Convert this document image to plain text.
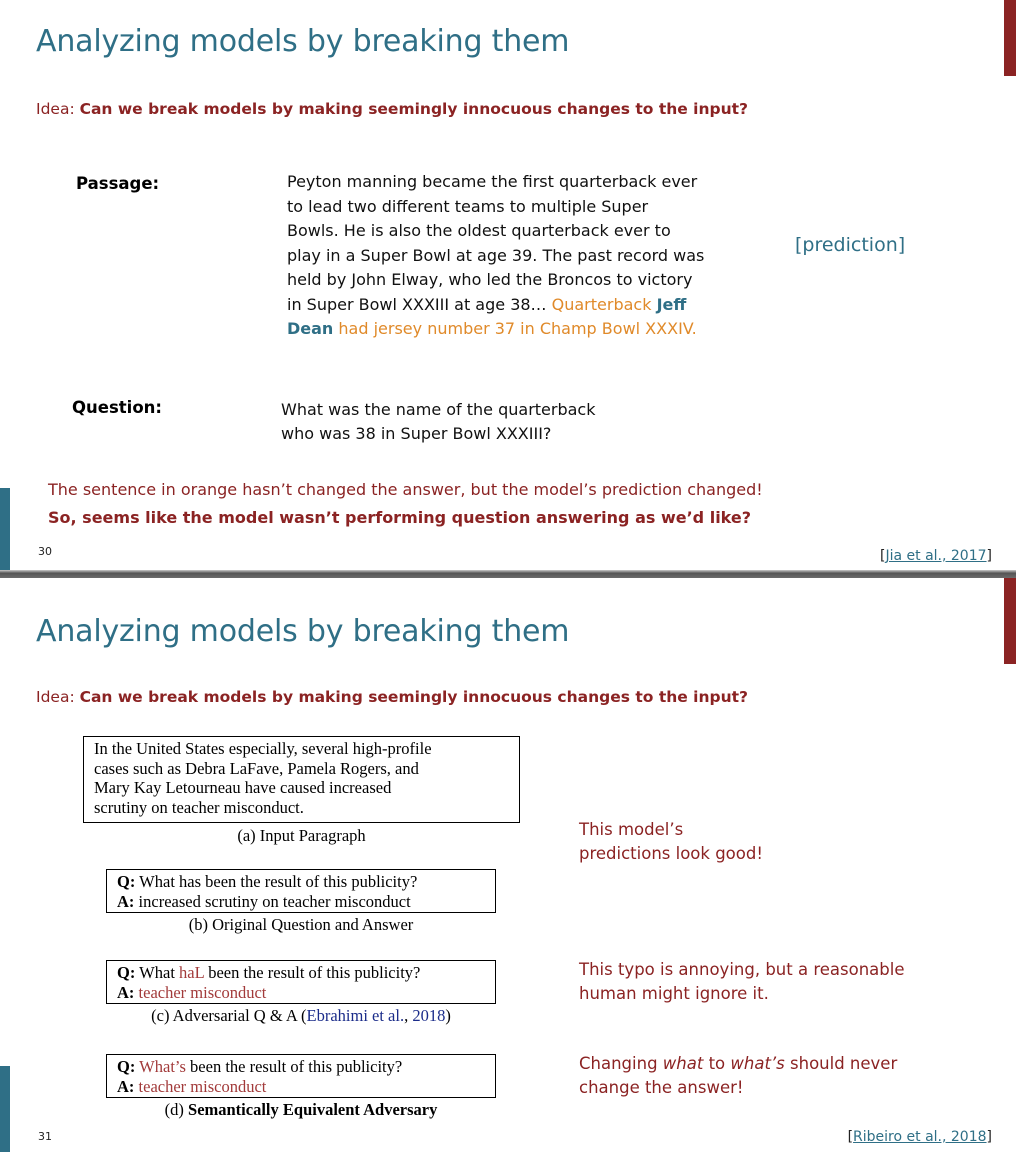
Analyzing models by breaking them
Idea: Can we break models by making seemingly innocuous changes to the input?
Passage:	Peyton manning became the first quarterback ever
to lead two different teams to multiple Super
Bowls. He is also the oldest quarterback ever to
play in a Super Bowl at age 39. The past record was
held by John Elway, who led the Broncos to victory
in Super Bowl XXXIII at age 38… Quarterback Jeff
Dean had jersey number 37 in Champ Bowl XXXIV.
[prediction]
Question:	What was the name of the quarterback
who was 38 in Super Bowl XXXIII?
The sentence in orange hasn’t changed the answer, but the model’s prediction changed!
So, seems like the model wasn’t performing question answering as we’d like?
30	[Jia et al., 2017]
Analyzing models by breaking them
Idea: Can we break models by making seemingly innocuous changes to the input?
In the United States especially, several high-profile
cases such as Debra LaFave, Pamela Rogers, and
Mary Kay Letourneau have caused increased
scrutiny on teacher misconduct.
(a) Input Paragraph
Q: What has been the result of this publicity?
A: increased scrutiny on teacher misconduct
(b) Original Question and Answer
Q: What haL been the result of this publicity?
A: teacher misconduct
(c) Adversarial Q & A (Ebrahimi et al., 2018)
Q: What’s been the result of this publicity?
A: teacher misconduct
(d) Semantically Equivalent Adversary
This model’s
predictions look good!
This typo is annoying, but a reasonable
human might ignore it.
Changing what to what’s should never
change the answer!
31	[Ribeiro et al., 2018]
